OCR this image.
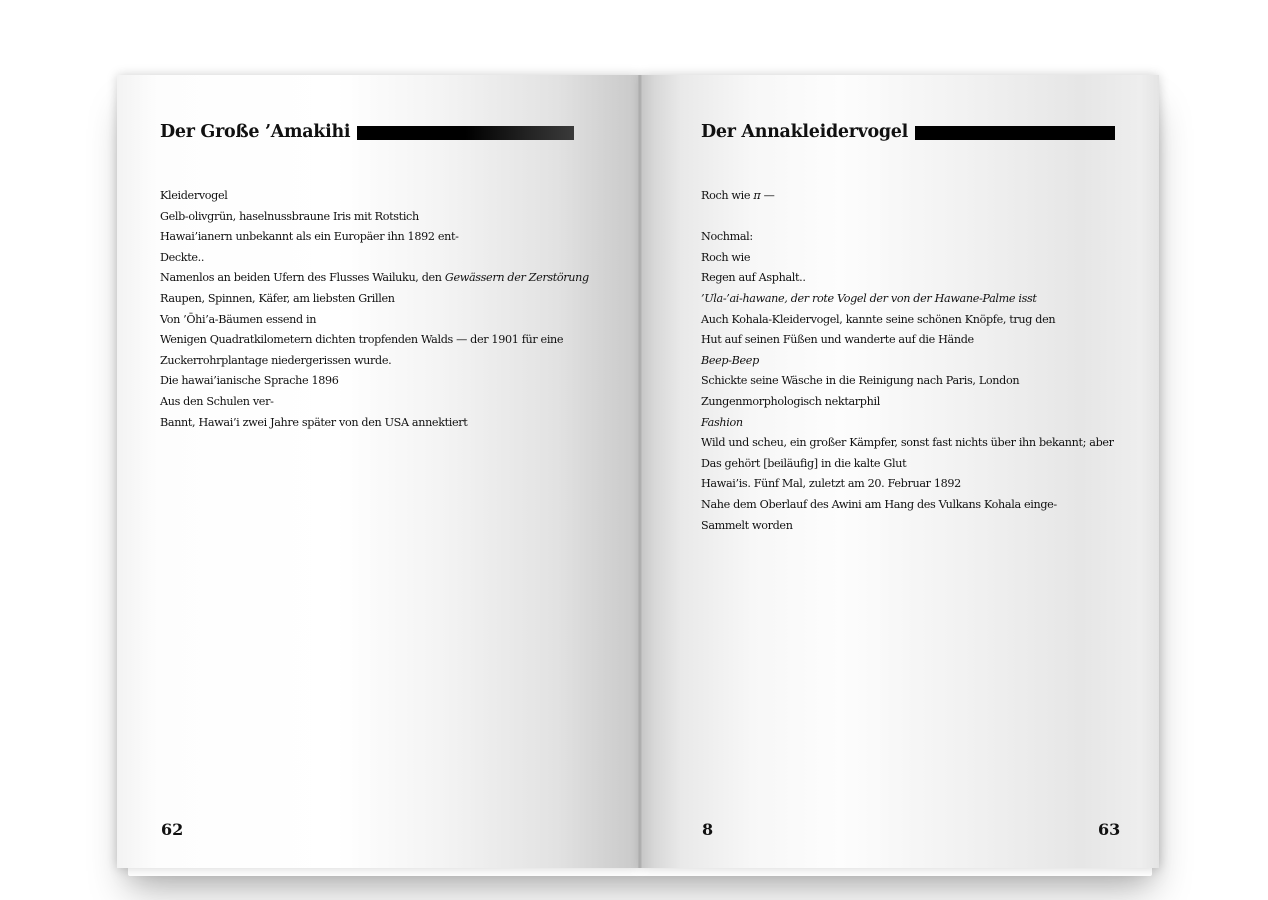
Der Große ’Amakihi	Der Annakleidervogel
Kleidervogel
Gelb-olivgrün, haselnussbraune Iris mit Rotstich
Hawai’ianern unbekannt als ein Europäer ihn 1892 ent-
Deckte..
Namenlos an beiden Ufern des Flusses Wailuku, den Gewässern der Zerstörung
Raupen, Spinnen, Käfer, am liebsten Grillen
Von ’Ōhi’a-Bäumen essend in
Wenigen Quadratkilometern dichten tropfenden Walds — der 1901 für eine
Zuckerrohrplantage niedergerissen wurde.
Die hawai’ianische Sprache 1896
Aus den Schulen ver-
Bannt, Hawai’i zwei Jahre später von den USA annektiert
Roch wie π —
Nochmal:
Roch wie
Regen auf Asphalt..
’Ula-’ai-hawane, der rote Vogel der von der Hawane-Palme isst
Auch Kohala-Kleidervogel, kannte seine schönen Knöpfe, trug den
Hut auf seinen Füßen und wanderte auf die Hände
Beep-Beep
Schickte seine Wäsche in die Reinigung nach Paris, London
Zungenmorphologisch nektarphil
Fashion
Wild und scheu, ein großer Kämpfer, sonst fast nichts über ihn bekannt; aber
Das gehört [beiläufig] in die kalte Glut
Hawai’is. Fünf Mal, zuletzt am 20. Februar 1892
Nahe dem Oberlauf des Awini am Hang des Vulkans Kohala einge-
Sammelt worden
62	8	63
